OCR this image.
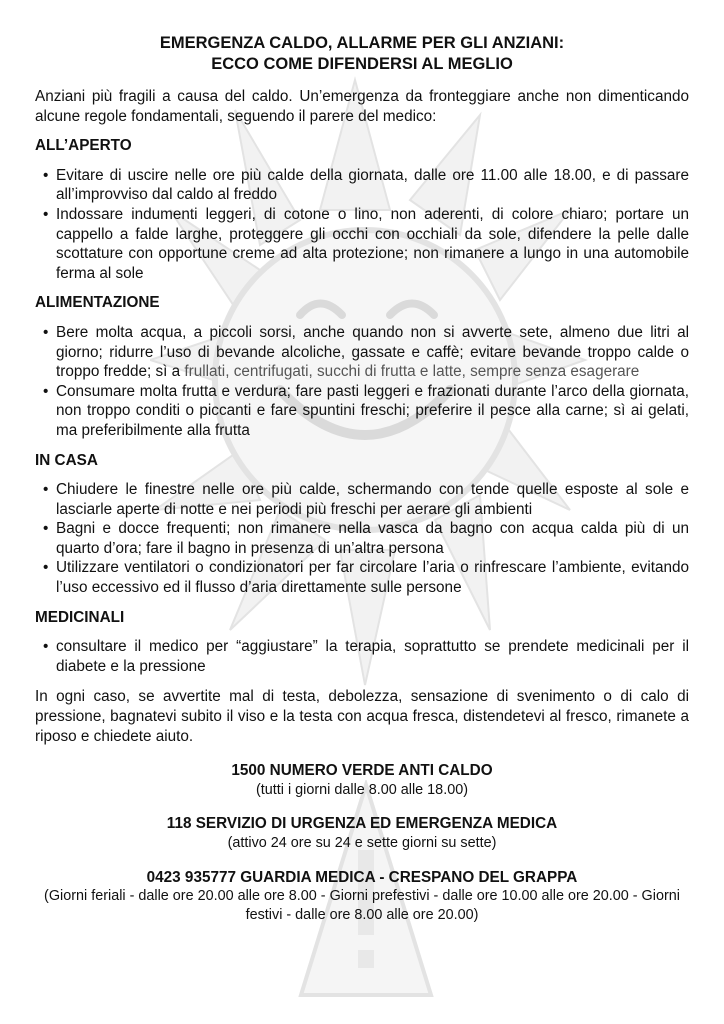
EMERGENZA CALDO, ALLARME PER GLI ANZIANI:
ECCO COME DIFENDERSI AL MEGLIO

Anziani più fragili a causa del caldo. Un’emergenza da fronteggiare anche non dimenticando alcune regole fondamentali, seguendo il parere del medico:

ALL’APERTO

• Evitare di uscire nelle ore più calde della giornata, dalle ore 11.00 alle 18.00, e di passare all’improvviso dal caldo al freddo
• Indossare indumenti leggeri, di cotone o lino, non aderenti, di colore chiaro; portare un cappello a falde larghe, proteggere gli occhi con occhiali da sole, difendere la pelle dalle scottature con opportune creme ad alta protezione; non rimanere a lungo in una automobile ferma al sole

ALIMENTAZIONE

• Bere molta acqua, a piccoli sorsi, anche quando non si avverte sete, almeno due litri al giorno; ridurre l’uso di bevande alcoliche, gassate e caffè; evitare bevande troppo calde o troppo fredde; sì a frullati, centrifugati, succhi di frutta e latte, sempre senza esagerare
• Consumare molta frutta e verdura; fare pasti leggeri e frazionati durante l’arco della giornata, non troppo conditi o piccanti e fare spuntini freschi; preferire il pesce alla carne; sì ai gelati, ma preferibilmente alla frutta

IN CASA

• Chiudere le finestre nelle ore più calde, schermando con tende quelle esposte al sole e lasciarle aperte di notte e nei periodi più freschi per aerare gli ambienti
• Bagni e docce frequenti; non rimanere nella vasca da bagno con acqua calda più di un quarto d’ora; fare il bagno in presenza di un’altra persona
• Utilizzare ventilatori o condizionatori per far circolare l’aria o rinfrescare l’ambiente, evitando l’uso eccessivo ed il flusso d’aria direttamente sulle persone

MEDICINALI

• consultare il medico per “aggiustare” la terapia, soprattutto se prendete medicinali per il diabete e la pressione

In ogni caso, se avvertite mal di testa, debolezza, sensazione di svenimento o di calo di pressione, bagnatevi subito il viso e la testa con acqua fresca, distendetevi al fresco, rimanete a riposo e chiedete aiuto.

1500 NUMERO VERDE ANTI CALDO
(tutti i giorni dalle 8.00 alle 18.00)
118 SERVIZIO DI URGENZA ED EMERGENZA MEDICA
(attivo 24 ore su 24 e sette giorni su sette)
0423 935777 GUARDIA MEDICA - CRESPANO DEL GRAPPA
(Giorni feriali - dalle ore 20.00 alle ore 8.00 - Giorni prefestivi - dalle ore 10.00 alle ore 20.00 - Giorni festivi - dalle ore 8.00 alle ore 20.00)
